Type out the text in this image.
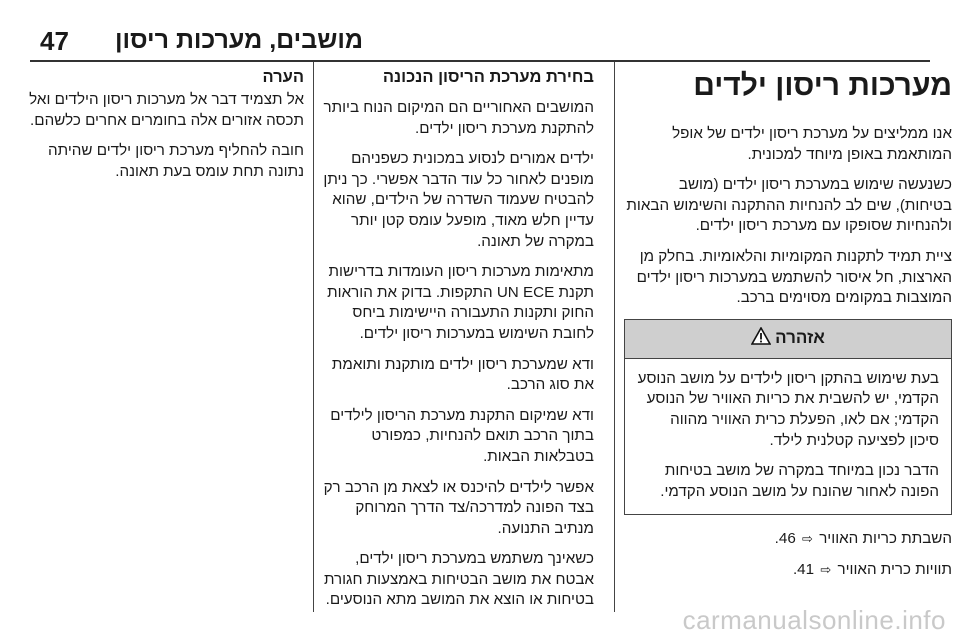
47 מושבים, מערכות ריסון
מערכות ריסון ילדים

אנו ממליצים על מערכת ריסון ילדים של אופל המותאמת באופן מיוחד למכונית.

כשנעשה שימוש במערכת ריסון ילדים (מושב בטיחות), שים לב להנחיות ההתקנה והשימוש הבאות ולהנחיות שסופקו עם מערכת ריסון ילדים.

ציית תמיד לתקנות המקומיות והלאומיות. בחלק מן הארצות, חל איסור להשתמש במערכות ריסון ילדים המוצבות במקומים מסוימים ברכב.

אזהרה

בעת שימוש בהתקן ריסון לילדים על מושב הנוסע הקדמי, יש להשבית את כריות האוויר של הנוסע הקדמי; אם לאו, הפעלת כרית האוויר מהווה סיכון לפציעה קטלנית לילד.

הדבר נכון במיוחד במקרה של מושב בטיחות הפונה לאחור שהונח על מושב הנוסע הקדמי.

השבתת כריות האוויר ⇨ 46.

תוויות כרית האוויר ⇨ 41.

בחירת מערכת הריסון הנכונה

המושבים האחוריים הם המיקום הנוח ביותר להתקנת מערכת ריסון ילדים.

ילדים אמורים לנסוע במכונית כשפניהם מופנים לאחור כל עוד הדבר אפשרי. כך ניתן להבטיח שעמוד השדרה של הילדים, שהוא עדיין חלש מאוד, מופעל עומס קטן יותר במקרה של תאונה.

מתאימות מערכות ריסון העומדות בדרישות תקנת UN ECE התקפות. בדוק את הוראות החוק ותקנות התעבורה היישימות ביחס לחובת השימוש במערכות ריסון ילדים.

ודא שמערכת ריסון ילדים מותקנת ותואמת את סוג הרכב.

ודא שמיקום התקנת מערכת הריסון לילדים בתוך הרכב תואם להנחיות, כמפורט בטבלאות הבאות.

אפשר לילדים להיכנס או לצאת מן הרכב רק בצד הפונה למדרכה/צד הדרך המרוחק מנתיב התנועה.

כשאינך משתמש במערכת ריסון ילדים, אבטח את מושב הבטיחות באמצעות חגורת בטיחות או הוצא את המושב מתא הנוסעים.

הערה

אל תצמיד דבר אל מערכות ריסון הילדים ואל תכסה אזורים אלה בחומרים אחרים כלשהם.

חובה להחליף מערכת ריסון ילדים שהיתה נתונה תחת עומס בעת תאונה.

carmanualsonline.info
